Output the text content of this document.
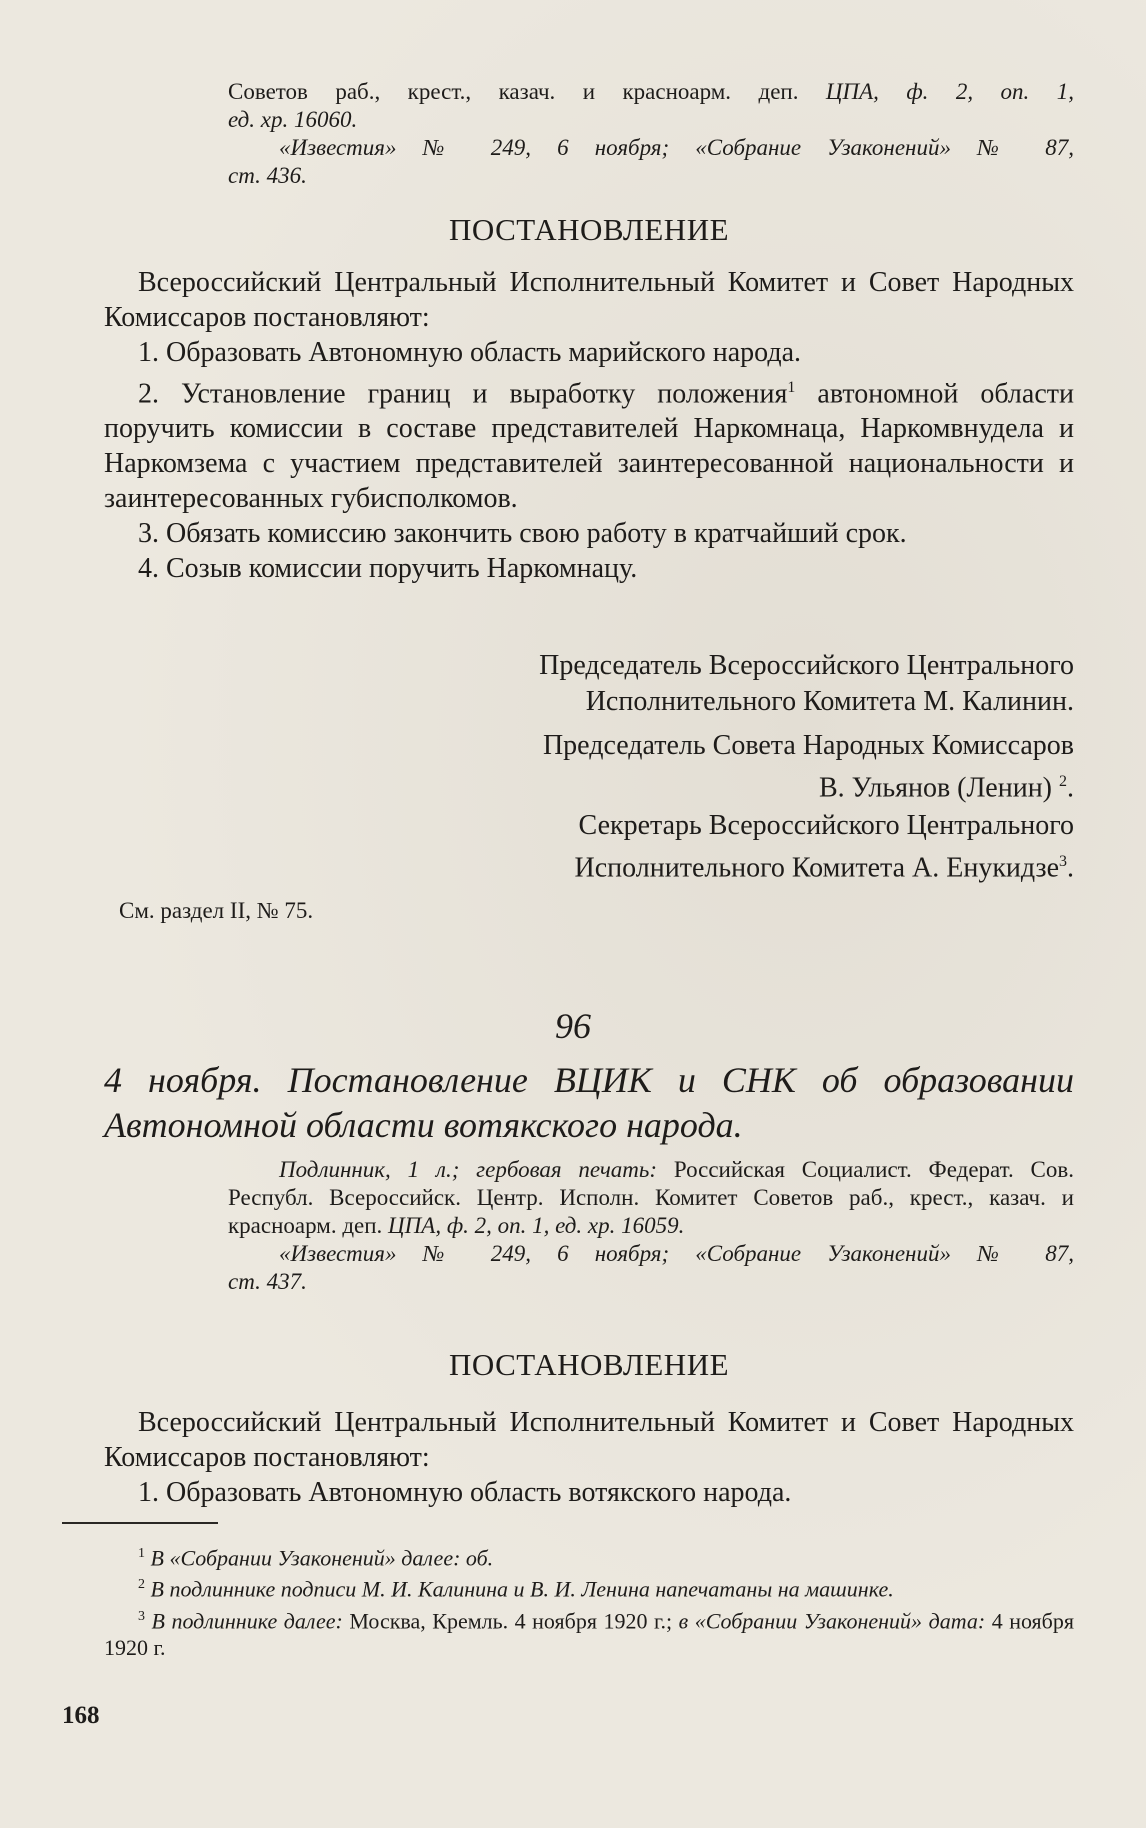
Советов раб., крест., казач. и красноарм. деп. ЦПА, ф. 2, оп. 1,
ед. хр. 16060.
«Известия» № 249, 6 ноября; «Собрание Узаконений» № 87,
ст. 436.
ПОСТАНОВЛЕНИЕ
Всероссийский Центральный Исполнительный Комитет и Совет Народных Комиссаров постановляют:
1. Образовать Автономную область марийского народа.
2. Установление границ и выработку положения$^1$ автономной области поручить комиссии в составе представителей Наркомнаца, Наркомвнудела и Наркомзема с участием представителей заинтересованной национальности и заинтересованных губисполкомов.
3. Обязать комиссию закончить свою работу в кратчайший срок.
4. Созыв комиссии поручить Наркомнацу.
Председатель Всероссийского Центрального
Исполнительного Комитета М. Калинин.
Председатель Совета Народных Комиссаров
В. Ульянов (Ленин) $^2$.
Секретарь Всероссийского Центрального
Исполнительного Комитета А. Енукидзе$^3$.
См. раздел II, № 75.
96
4 ноября. Постановление ВЦИК и СНК об образовании Автономной области вотякского народа.
Подлинник, 1 л.; гербовая печать: Российская Социалист. Федерат. Сов. Республ. Всероссийск. Центр. Исполн. Комитет Советов раб., крест., казач. и красноарм. деп. ЦПА, ф. 2, оп. 1, ед. хр. 16059.
«Известия» № 249, 6 ноября; «Собрание Узаконений» № 87,
ст. 437.
ПОСТАНОВЛЕНИЕ
Всероссийский Центральный Исполнительный Комитет и Совет Народных Комиссаров постановляют:
1. Образовать Автономную область вотякского народа.
$^1$ В «Собрании Узаконений» далее: об.
$^2$ В подлиннике подписи М. И. Калинина и В. И. Ленина напечатаны на машинке.
$^3$ В подлиннике далее: Москва, Кремль. 4 ноября 1920 г.; в «Собрании Узаконений» дата: 4 ноября 1920 г.
168
